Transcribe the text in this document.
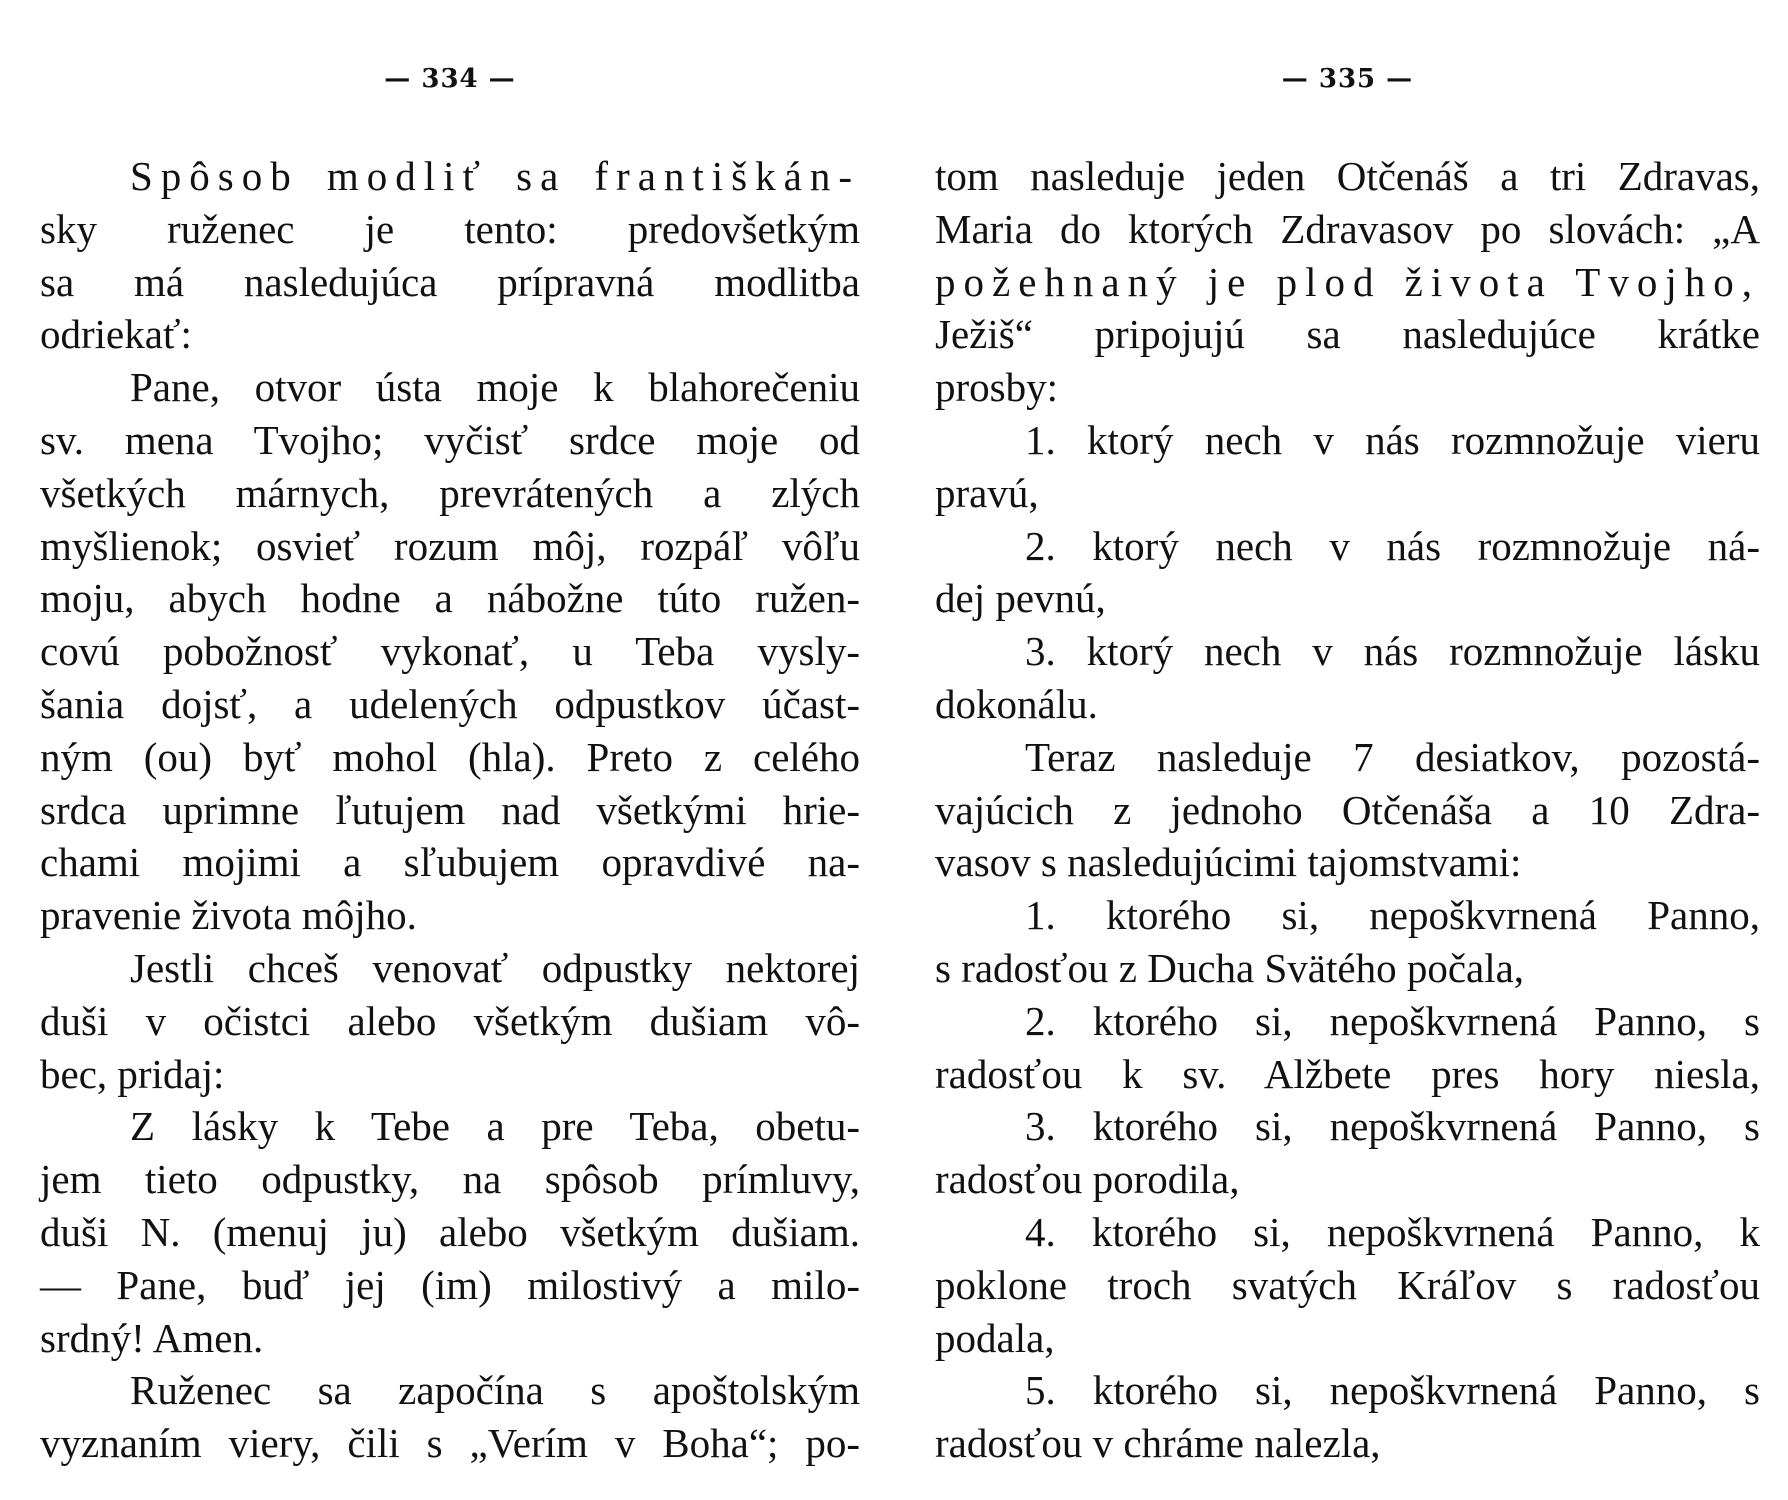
— 334 —
Spôsob modliť sa františkán-
sky ruženec je tento: predovšetkým
sa má nasledujúca prípravná modlitba
odriekať:
Pane, otvor ústa moje k blahorečeniu
sv. mena Tvojho; vyčisť srdce moje od
všetkých márnych, prevrátených a zlých
myšlienok; osvieť rozum môj, rozpáľ vôľu
moju, abych hodne a nábožne túto ružen-
covú pobožnosť vykonať, u Teba vysly-
šania dojsť, a udelených odpustkov účast-
ným (ou) byť mohol (hla). Preto z celého
srdca uprimne ľutujem nad všetkými hrie-
chami mojimi a sľubujem opravdivé na-
pravenie života môjho.
Jestli chceš venovať odpustky nektorej
duši v očistci alebo všetkým dušiam vô-
bec, pridaj:
Z lásky k Tebe a pre Teba, obetu-
jem tieto odpustky, na spôsob prímluvy,
duši N. (menuj ju) alebo všetkým dušiam.
— Pane, buď jej (im) milostivý a milo-
srdný! Amen.
Ruženec sa započína s apoštolským
vyznaním viery, čili s „Verím v Boha“; po-
— 335 —
tom nasleduje jeden Otčenáš a tri Zdravas,
Maria do ktorých Zdravasov po slovách: „A
požehnaný je plod života Tvojho,
Ježiš“ pripojujú sa nasledujúce krátke
prosby:
1. ktorý nech v nás rozmnožuje vieru
pravú,
2. ktorý nech v nás rozmnožuje ná-
dej pevnú,
3. ktorý nech v nás rozmnožuje lásku
dokonálu.
Teraz nasleduje 7 desiatkov, pozostá-
vajúcich z jednoho Otčenáša a 10 Zdra-
vasov s nasledujúcimi tajomstvami:
1. ktorého si, nepoškvrnená Panno,
s radosťou z Ducha Svätého počala,
2. ktorého si, nepoškvrnená Panno, s
radosťou k sv. Alžbete pres hory niesla,
3. ktorého si, nepoškvrnená Panno, s
radosťou porodila,
4. ktorého si, nepoškvrnená Panno, k
poklone troch svatých Kráľov s radosťou
podala,
5. ktorého si, nepoškvrnená Panno, s
radosťou v chráme nalezla,
